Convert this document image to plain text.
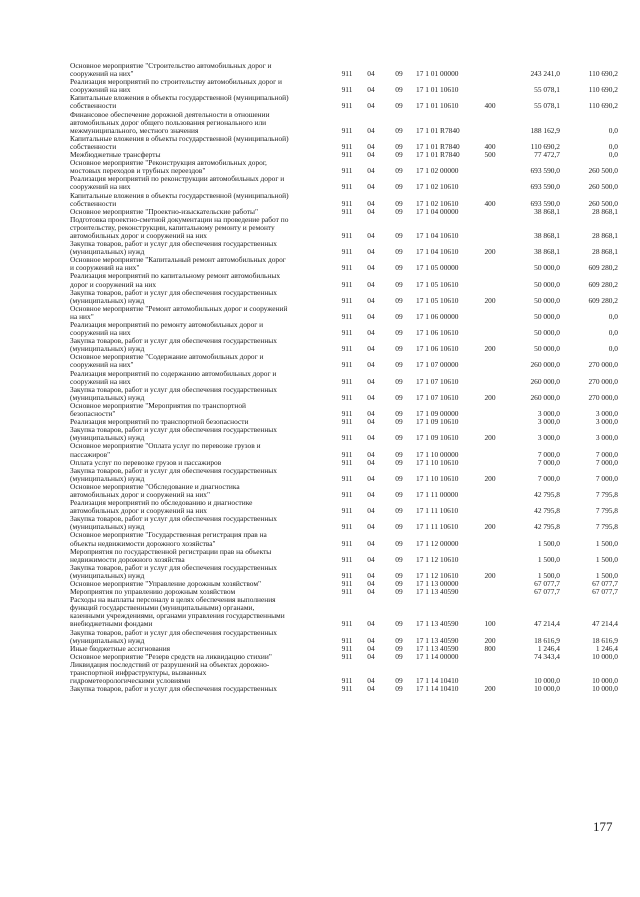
Основное мероприятие "Строительство автомобильных дорог и
сооружений на них"	911	04	09	17 1 01 00000	243 241,0	110 690,2
Реализация мероприятий по строительству автомобильных дорог и
сооружений на них	911	04	09	17 1 01 10610	55 078,1	110 690,2
Капитальные вложения в объекты государственной (муниципальной)
собственности	911	04	09	17 1 01 10610	400	55 078,1	110 690,2
Финансовое обеспечение дорожной деятельности в отношении
автомобильных дорог общего пользования регионального или
межмуниципального, местного значения	911	04	09	17 1 01 R7840	188 162,9	0,0
Капитальные вложения в объекты государственной (муниципальной)
собственности	911	04	09	17 1 01 R7840	400	110 690,2	0,0
Межбюджетные трансферты	911	04	09	17 1 01 R7840	500	77 472,7	0,0
Основное мероприятие "Реконструкция автомобильных дорог,
мостовых переходов и трубных переездов"	911	04	09	17 1 02 00000	693 590,0	260 500,0
Реализация мероприятий по реконструкции автомобильных дорог и
сооружений на них	911	04	09	17 1 02 10610	693 590,0	260 500,0
Капитальные вложения в объекты государственной (муниципальной)
собственности	911	04	09	17 1 02 10610	400	693 590,0	260 500,0
Основное мероприятие "Проектно-изыскательские работы"	911	04	09	17 1 04 00000	38 868,1	28 868,1
Подготовка проектно-сметной документации на проведение работ по
строительству, реконструкции, капитальному ремонту и ремонту
автомобильных дорог и сооружений на них	911	04	09	17 1 04 10610	38 868,1	28 868,1
Закупка товаров, работ и услуг для обеспечения государственных
(муниципальных) нужд	911	04	09	17 1 04 10610	200	38 868,1	28 868,1
Основное мероприятие "Капитальный ремонт автомобильных дорог
и сооружений на них"	911	04	09	17 1 05 00000	50 000,0	609 280,2
Реализация мероприятий по капитальному ремонт автомобильных
дорог и сооружений на них	911	04	09	17 1 05 10610	50 000,0	609 280,2
Закупка товаров, работ и услуг для обеспечения государственных
(муниципальных) нужд	911	04	09	17 1 05 10610	200	50 000,0	609 280,2
Основное мероприятие "Ремонт автомобильных дорог и сооружений
на них"	911	04	09	17 1 06 00000	50 000,0	0,0
Реализация мероприятий по ремонту автомобильных дорог и
сооружений на них	911	04	09	17 1 06 10610	50 000,0	0,0
Закупка товаров, работ и услуг для обеспечения государственных
(муниципальных) нужд	911	04	09	17 1 06 10610	200	50 000,0	0,0
Основное мероприятие "Содержание автомобильных дорог и
сооружений на них"	911	04	09	17 1 07 00000	260 000,0	270 000,0
Реализация мероприятий по содержанию автомобильных дорог и
сооружений на них	911	04	09	17 1 07 10610	260 000,0	270 000,0
Закупка товаров, работ и услуг для обеспечения государственных
(муниципальных) нужд	911	04	09	17 1 07 10610	200	260 000,0	270 000,0
Основное мероприятие "Мероприятия по транспортной
безопасности"	911	04	09	17 1 09 00000	3 000,0	3 000,0
Реализация мероприятий по транспортной безопасности	911	04	09	17 1 09 10610	3 000,0	3 000,0
Закупка товаров, работ и услуг для обеспечения государственных
(муниципальных) нужд	911	04	09	17 1 09 10610	200	3 000,0	3 000,0
Основное мероприятие "Оплата услуг по перевозке грузов и
пассажиров"	911	04	09	17 1 10 00000	7 000,0	7 000,0
Оплата услуг по перевозке грузов и пассажиров	911	04	09	17 1 10 10610	7 000,0	7 000,0
Закупка товаров, работ и услуг для обеспечения государственных
(муниципальных) нужд	911	04	09	17 1 10 10610	200	7 000,0	7 000,0
Основное мероприятие "Обследование и диагностика
автомобильных дорог и сооружений на них"	911	04	09	17 1 11 00000	42 795,8	7 795,8
Реализация мероприятий по обследованию и диагностике
автомобильных дорог и сооружений на них	911	04	09	17 1 11 10610	42 795,8	7 795,8
Закупка товаров, работ и услуг для обеспечения государственных
(муниципальных) нужд	911	04	09	17 1 11 10610	200	42 795,8	7 795,8
Основное мероприятие "Государственная регистрация прав на
объекты недвижимости дорожного хозяйства"	911	04	09	17 1 12 00000	1 500,0	1 500,0
Мероприятия по государственной регистрации прав на объекты
недвижимости дорожного хозяйства	911	04	09	17 1 12 10610	1 500,0	1 500,0
Закупка товаров, работ и услуг для обеспечения государственных
(муниципальных) нужд	911	04	09	17 1 12 10610	200	1 500,0	1 500,0
Основное мероприятие "Управление дорожным хозяйством"	911	04	09	17 1 13 00000	67 077,7	67 077,7
Мероприятия по управлению дорожным хозяйством	911	04	09	17 1 13 40590	67 077,7	67 077,7
Расходы на выплаты персоналу в целях обеспечения выполнения
функций государственными (муниципальными) органами,
казенными учреждениями, органами управления государственными
внебюджетными фондами	911	04	09	17 1 13 40590	100	47 214,4	47 214,4
Закупка товаров, работ и услуг для обеспечения государственных
(муниципальных) нужд	911	04	09	17 1 13 40590	200	18 616,9	18 616,9
Иные бюджетные ассигнования	911	04	09	17 1 13 40590	800	1 246,4	1 246,4
Основное мероприятие "Резерв средств на ликвидацию стихии"	911	04	09	17 1 14 00000	74 343,4	10 000,0
Ликвидация последствий от разрушений на объектах дорожно-
транспортной инфраструктуры, вызванных
гидрометеорологическими условиями	911	04	09	17 1 14 10410	10 000,0	10 000,0
Закупка товаров, работ и услуг для обеспечения государственных	911	04	09	17 1 14 10410	200	10 000,0	10 000,0
177
